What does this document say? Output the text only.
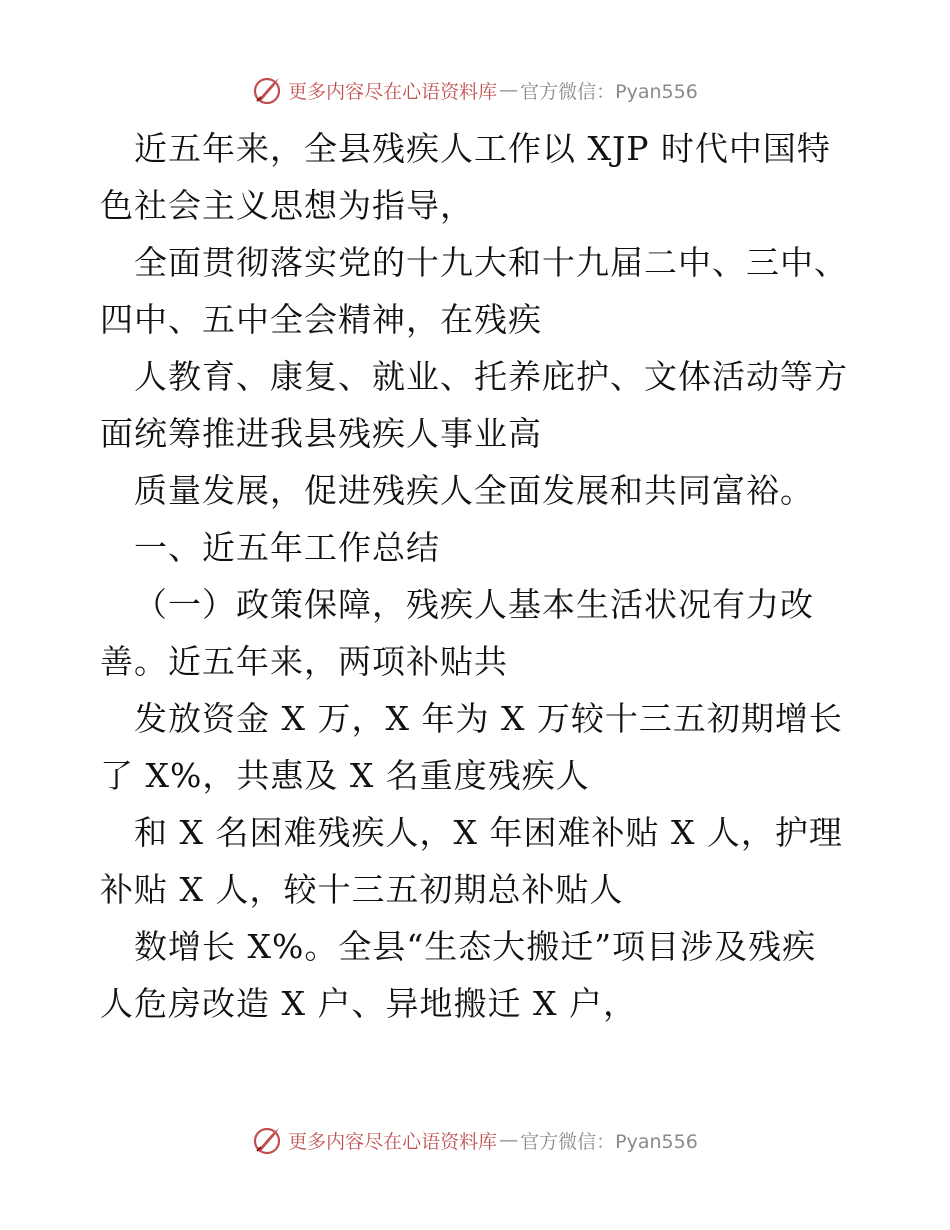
更多内容尽在心语资料库 — 官方微信：Pyan556
近五年来，全县残疾人工作以 XJP 时代中国特
色社会主义思想为指导，
全面贯彻落实党的十九大和十九届二中、三中、
四中、五中全会精神，在残疾
人教育、康复、就业、托养庇护、文体活动等方
面统筹推进我县残疾人事业高
质量发展，促进残疾人全面发展和共同富裕。
一、近五年工作总结
（一）政策保障，残疾人基本生活状况有力改
善。近五年来，两项补贴共
发放资金 X 万，X 年为 X 万较十三五初期增长
了 X%，共惠及 X 名重度残疾人
和 X 名困难残疾人，X 年困难补贴 X 人，护理
补贴 X 人，较十三五初期总补贴人
数增长 X%。全县“生态大搬迁”项目涉及残疾
人危房改造 X 户、异地搬迁 X 户，
更多内容尽在心语资料库 — 官方微信：Pyan556
